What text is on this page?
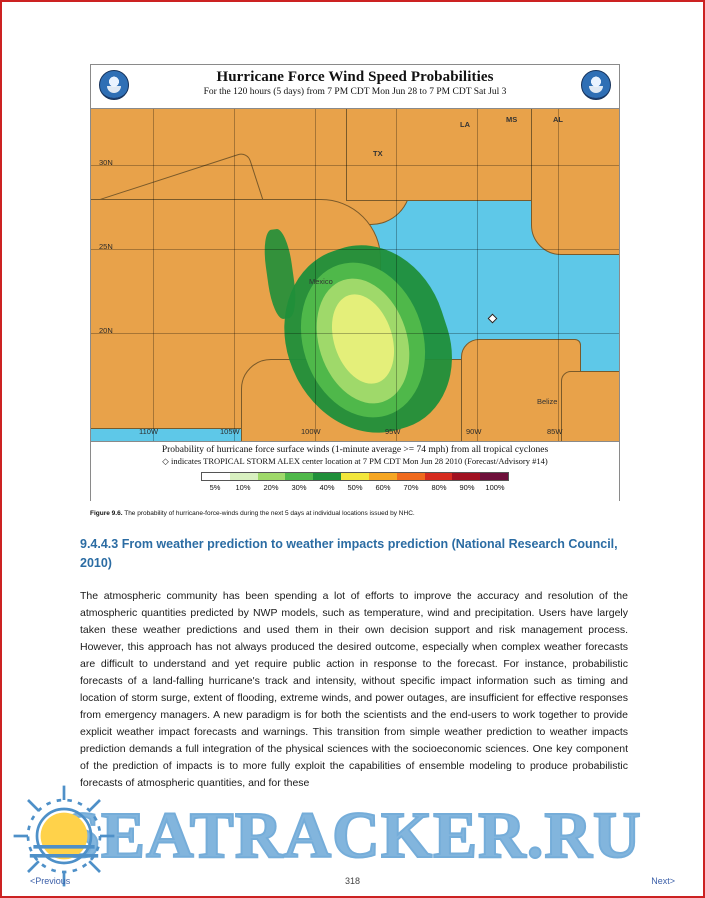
Hurricane Force Wind Speed Probabilities
For the 120 hours (5 days) from 7 PM CDT Mon Jun 28 to 7 PM CDT Sat Jul 3
30N
25N
20N
TX
LA
MS	AL
Mexico
Belize
110W	105W	100W	95W	90W	85W
Probability of hurricane force surface winds (1-minute average >= 74 mph) from all tropical cyclones
◇ indicates TROPICAL STORM ALEX center location at 7 PM CDT Mon Jun 28 2010 (Forecast/Advisory #14)
5%	10%	20%	30%	40%	50%	60%	70%	80%	90%	100%
Figure 9.6. The probability of hurricane-force-winds during the next 5 days at individual locations issued by NHC.
9.4.4.3 From weather prediction to weather impacts prediction (National Research Council, 2010)
The atmospheric community has been spending a lot of efforts to improve the accuracy and resolution of the atmospheric quantities predicted by NWP models, such as temperature, wind and precipitation. Users have largely taken these weather predictions and used them in their own decision support and risk management process. However, this approach has not always produced the desired outcome, especially when complex weather forecasts are difficult to understand and yet require public action in response to the forecast. For instance, probabilistic forecasts of a land-falling hurricane's track and intensity, without specific impact information such as timing and location of storm surge, extent of flooding, extreme winds, and power outages, are insufficient for effective responses from emergency managers. A new paradigm is for both the scientists and the end-users to work together to provide explicit weather impact forecasts and warnings. This transition from simple weather prediction to weather impacts prediction demands a full integration of the physical sciences with the socioeconomic sciences. One key component of the prediction of impacts is to more fully exploit the capabilities of ensemble modeling to produce probabilistic forecasts of atmospheric quantities, and for these
SEATRACKER.RU
<Previous	318	Next>
